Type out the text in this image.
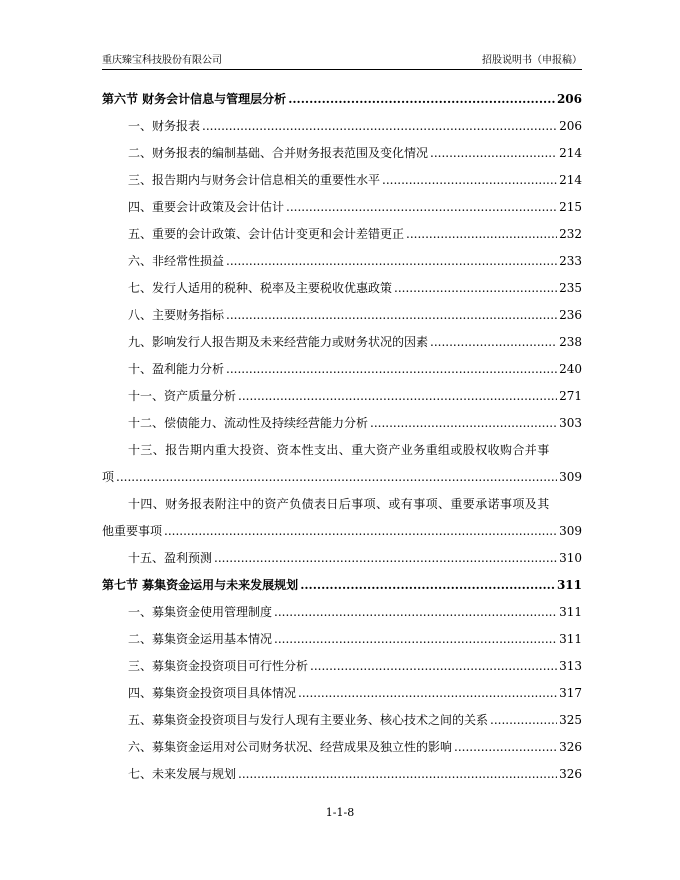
重庆臻宝科技股份有限公司	招股说明书（申报稿）
第六节 财务会计信息与管理层分析 .....	206
一、财务报表 .....	206
二、财务报表的编制基础、合并财务报表范围及变化情况 .....	214
三、报告期内与财务会计信息相关的重要性水平 .....	214
四、重要会计政策及会计估计 .....	215
五、重要的会计政策、会计估计变更和会计差错更正 .....	232
六、非经常性损益 .....	233
七、发行人适用的税种、税率及主要税收优惠政策 .....	235
八、主要财务指标 .....	236
九、影响发行人报告期及未来经营能力或财务状况的因素 .....	238
十、盈利能力分析 .....	240
十一、资产质量分析 .....	271
十二、偿债能力、流动性及持续经营能力分析 .....	303
十三、报告期内重大投资、资本性支出、重大资产业务重组或股权收购合并事
项 .....	309
十四、财务报表附注中的资产负债表日后事项、或有事项、重要承诺事项及其
他重要事项 .....	309
十五、盈利预测 .....	310
第七节 募集资金运用与未来发展规划 .....	311
一、募集资金使用管理制度 .....	311
二、募集资金运用基本情况 .....	311
三、募集资金投资项目可行性分析 .....	313
四、募集资金投资项目具体情况 .....	317
五、募集资金投资项目与发行人现有主要业务、核心技术之间的关系 .....	325
六、募集资金运用对公司财务状况、经营成果及独立性的影响 .....	326
七、未来发展与规划 .....	326
1-1-8
